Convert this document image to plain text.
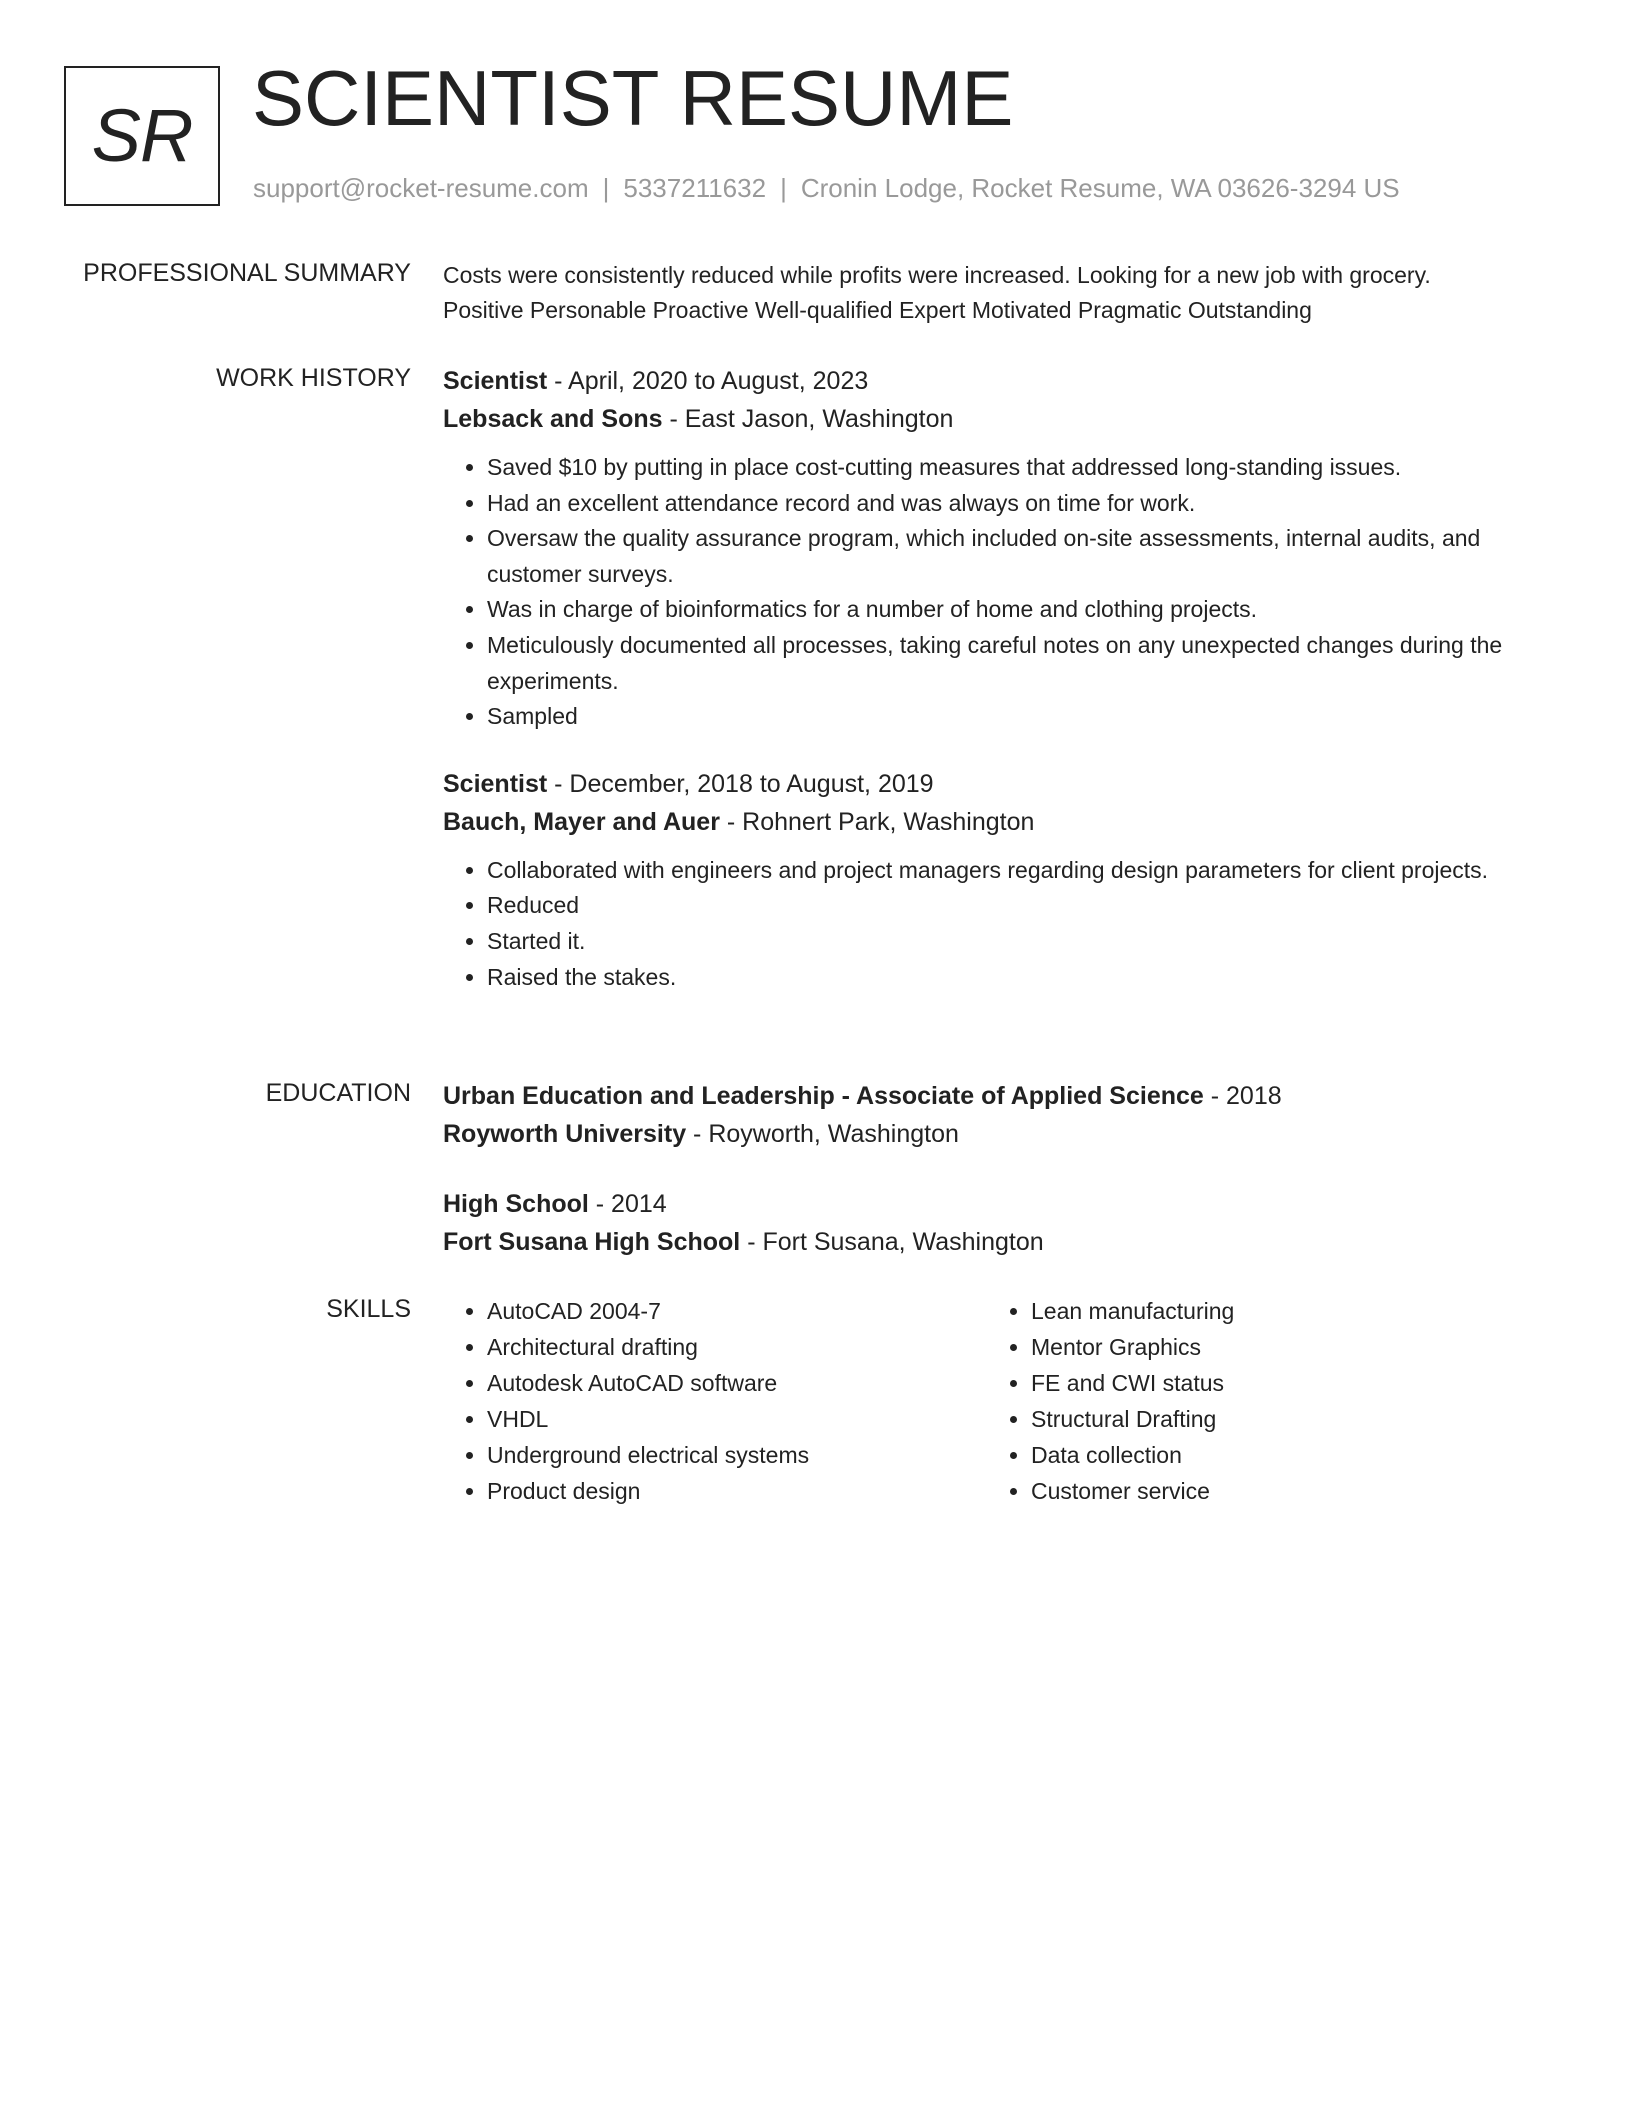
SR SCIENTIST RESUME
support@rocket-resume.com | 5337211632 | Cronin Lodge, Rocket Resume, WA 03626-3294 US
PROFESSIONAL SUMMARY Costs were consistently reduced while profits were increased. Looking for a new job with grocery.

Positive Personable Proactive Well-qualified Expert Motivated Pragmatic Outstanding

WORK HISTORY Scientist - April, 2020 to August, 2023

Lebsack and Sons - East Jason, Washington

• Saved $10 by putting in place cost-cutting measures that addressed long-standing issues.
• Had an excellent attendance record and was always on time for work.
• Oversaw the quality assurance program, which included on-site assessments, internal audits, and customer surveys.
• Was in charge of bioinformatics for a number of home and clothing projects.
• Meticulously documented all processes, taking careful notes on any unexpected changes during the experiments.
• Sampled

Scientist - December, 2018 to August, 2019

Bauch, Mayer and Auer - Rohnert Park, Washington

• Collaborated with engineers and project managers regarding design parameters for client projects.
• Reduced
• Started it.
• Raised the stakes.
EDUCATION Urban Education and Leadership - Associate of Applied Science - 2018

Royworth University - Royworth, Washington

High School - 2014

Fort Susana High School - Fort Susana, Washington

SKILLS
•	AutoCAD 2004-7
• Architectural drafting
• Autodesk AutoCAD software
• VHDL
• Underground electrical systems
• Product design
• Lean manufacturing
• Mentor Graphics
• FE and CWI status
• Structural Drafting
• Data collection
• Customer service
